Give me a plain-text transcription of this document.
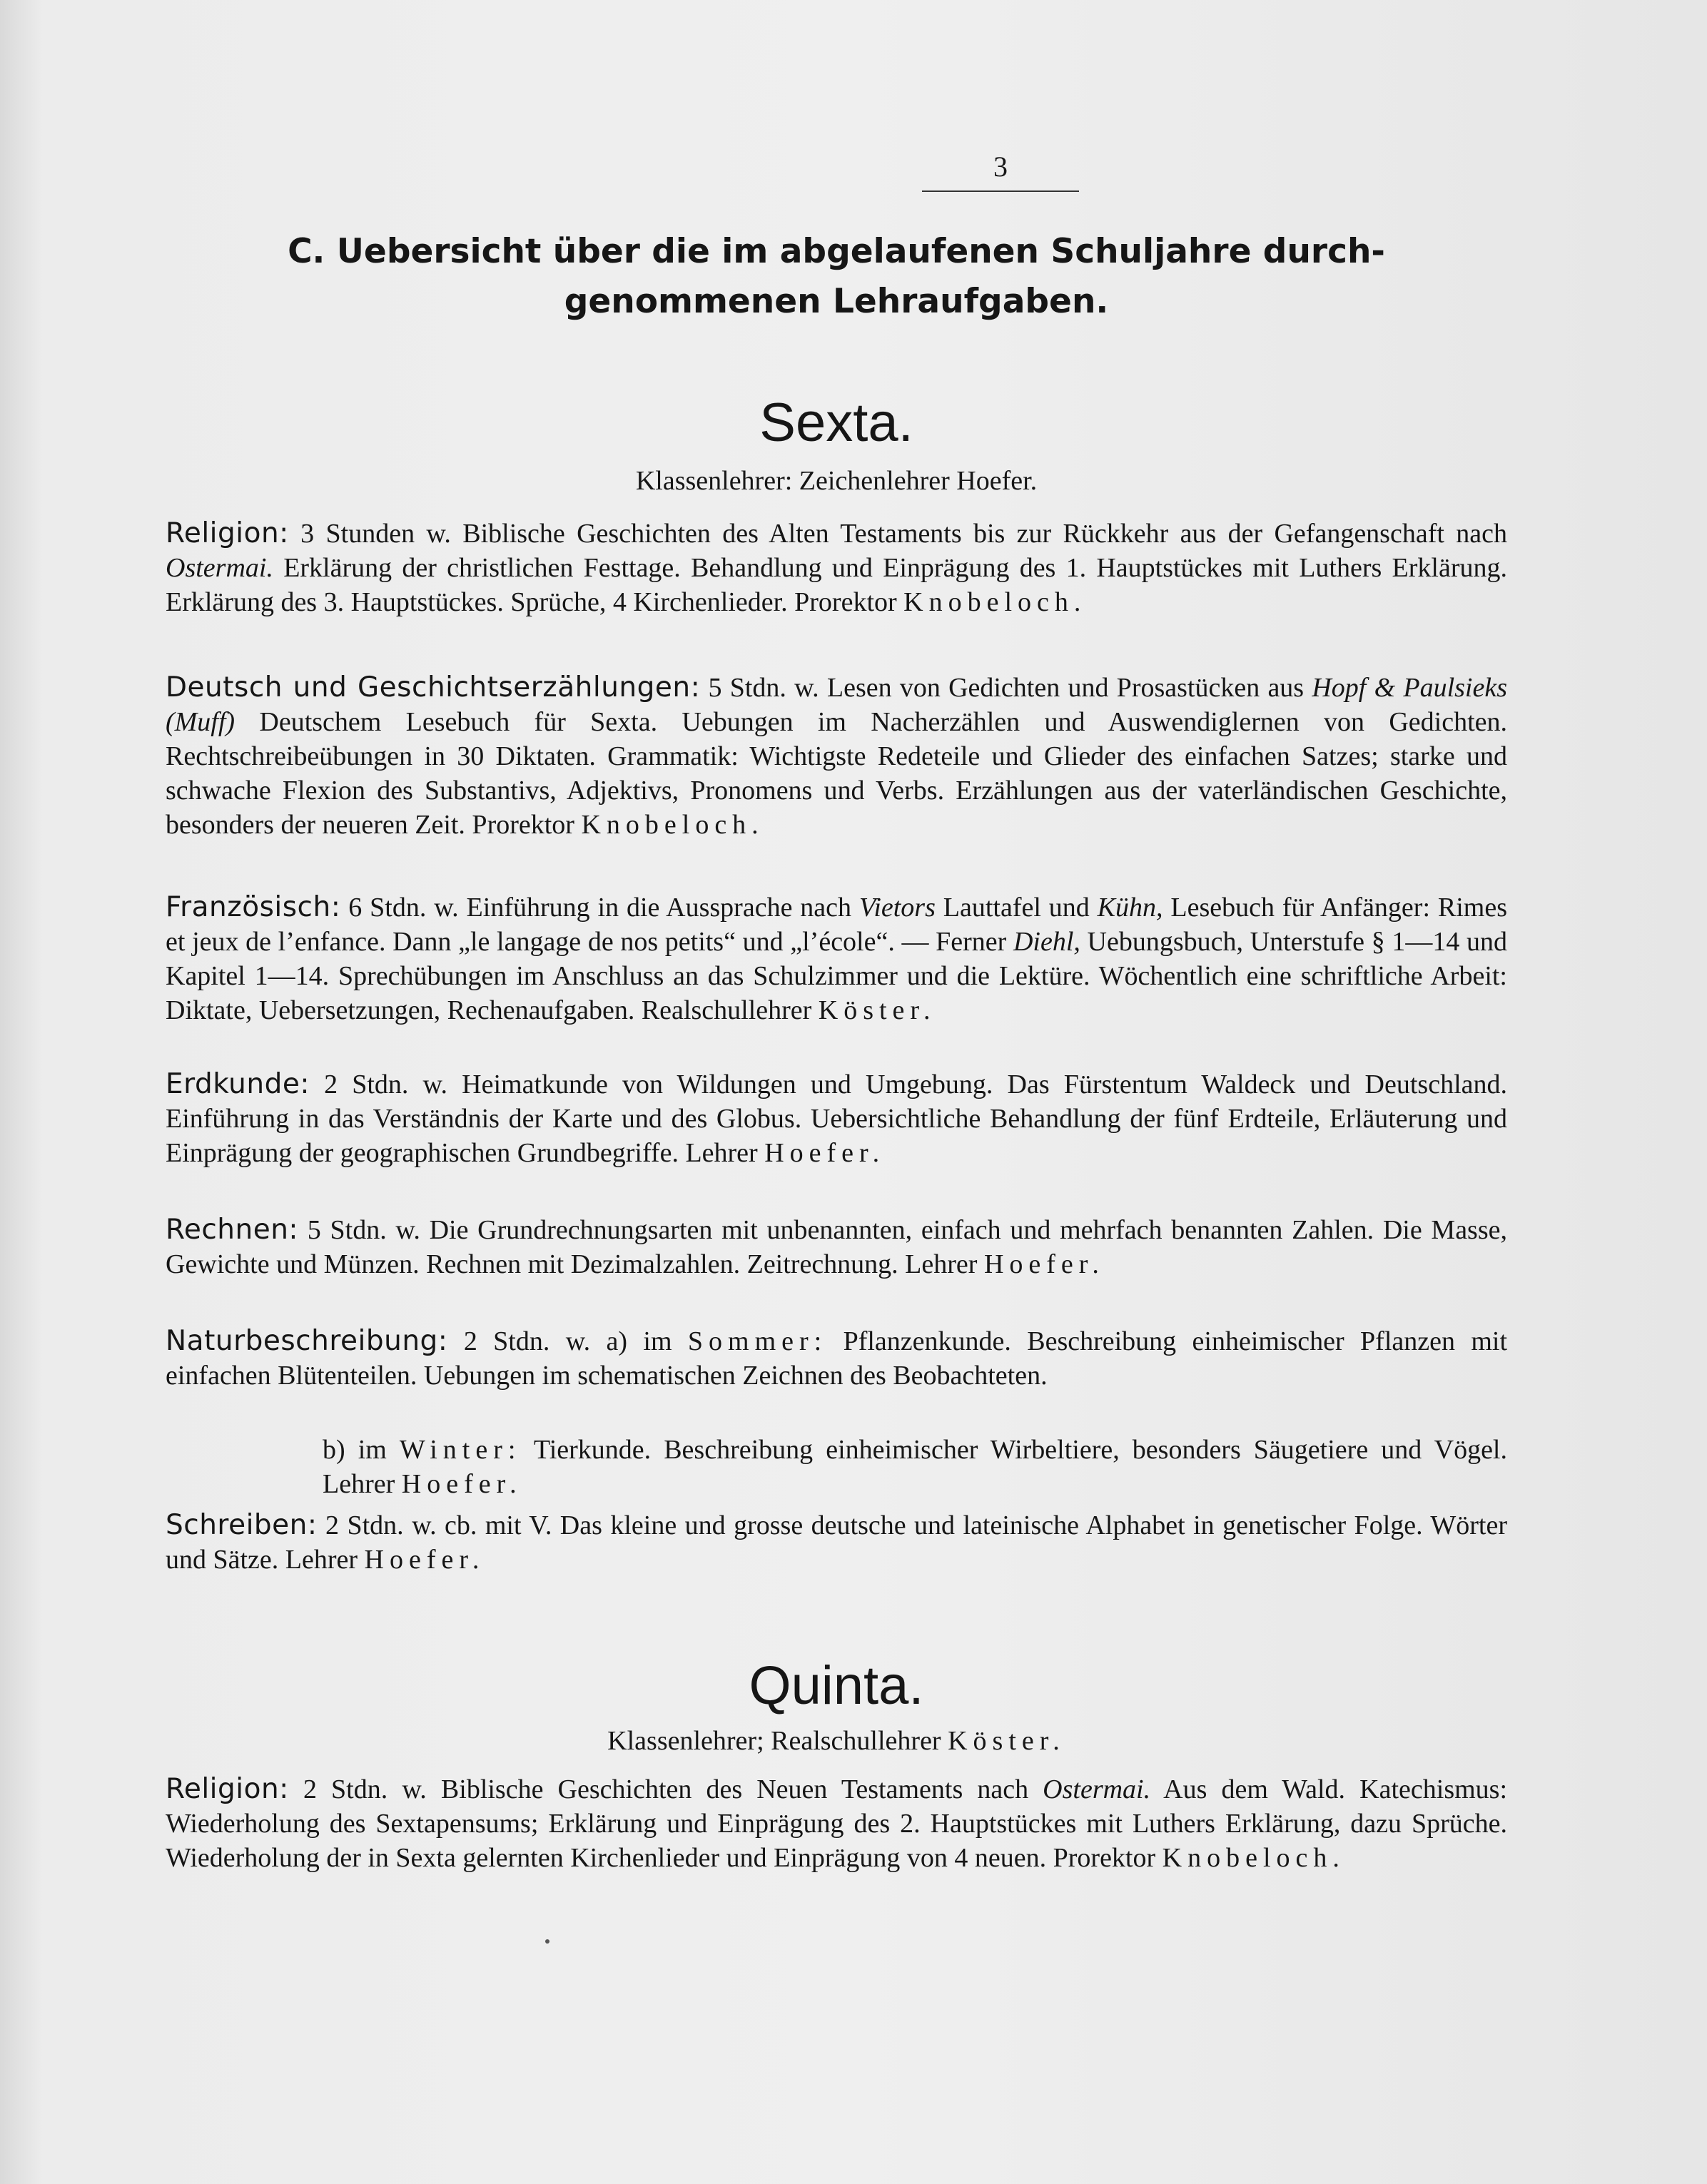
3
C. Uebersicht über die im abgelaufenen Schuljahre durch-
genommenen Lehraufgaben.
Sexta.
Klassenlehrer: Zeichenlehrer Hoefer.
Religion: 3 Stunden w. Biblische Geschichten des Alten Testaments bis zur Rückkehr aus der Gefangenschaft nach Ostermai. Erklärung der christlichen Festtage. Behandlung und Einprägung des 1. Hauptstückes mit Luthers Erklärung. Erklärung des 3. Hauptstückes. Sprüche, 4 Kirchenlieder. Prorektor Knobeloch.
Deutsch und Geschichtserzählungen: 5 Stdn. w. Lesen von Gedichten und Prosastücken aus Hopf & Paulsieks (Muff) Deutschem Lesebuch für Sexta. Uebungen im Nacherzählen und Auswendiglernen von Gedichten. Rechtschreibeübungen in 30 Diktaten. Grammatik: Wichtigste Redeteile und Glieder des einfachen Satzes; starke und schwache Flexion des Substantivs, Adjektivs, Pronomens und Verbs. Erzählungen aus der vaterländischen Geschichte, besonders der neueren Zeit. Prorektor Knobeloch.
Französisch: 6 Stdn. w. Einführung in die Aussprache nach Vietors Lauttafel und Kühn, Lesebuch für Anfänger: Rimes et jeux de l’enfance. Dann „le langage de nos petits“ und „l’école“. — Ferner Diehl, Uebungsbuch, Unterstufe § 1—14 und Kapitel 1—14. Sprechübungen im Anschluss an das Schulzimmer und die Lektüre. Wöchentlich eine schriftliche Arbeit: Diktate, Uebersetzungen, Rechenaufgaben. Realschullehrer Köster.
Erdkunde: 2 Stdn. w. Heimatkunde von Wildungen und Umgebung. Das Fürstentum Waldeck und Deutschland. Einführung in das Verständnis der Karte und des Globus. Uebersichtliche Behandlung der fünf Erdteile, Erläuterung und Einprägung der geographischen Grundbegriffe. Lehrer Hoefer.
Rechnen: 5 Stdn. w. Die Grundrechnungsarten mit unbenannten, einfach und mehrfach benannten Zahlen. Die Masse, Gewichte und Münzen. Rechnen mit Dezimalzahlen. Zeitrechnung. Lehrer Hoefer.
Naturbeschreibung: 2 Stdn. w. a) im Sommer: Pflanzenkunde. Beschreibung einheimischer Pflanzen mit einfachen Blütenteilen. Uebungen im schematischen Zeichnen des Beobachteten.
b) im Winter: Tierkunde. Beschreibung einheimischer Wirbeltiere, besonders Säugetiere und Vögel. Lehrer Hoefer.
Schreiben: 2 Stdn. w. cb. mit V. Das kleine und grosse deutsche und lateinische Alphabet in genetischer Folge. Wörter und Sätze. Lehrer Hoefer.
Quinta.
Klassenlehrer; Realschullehrer Köster.
Religion: 2 Stdn. w. Biblische Geschichten des Neuen Testaments nach Ostermai. Aus dem Wald. Katechismus: Wiederholung des Sextapensums; Erklärung und Einprägung des 2. Hauptstückes mit Luthers Erklärung, dazu Sprüche. Wiederholung der in Sexta gelernten Kirchenlieder und Einprägung von 4 neuen. Prorektor Knobeloch.
